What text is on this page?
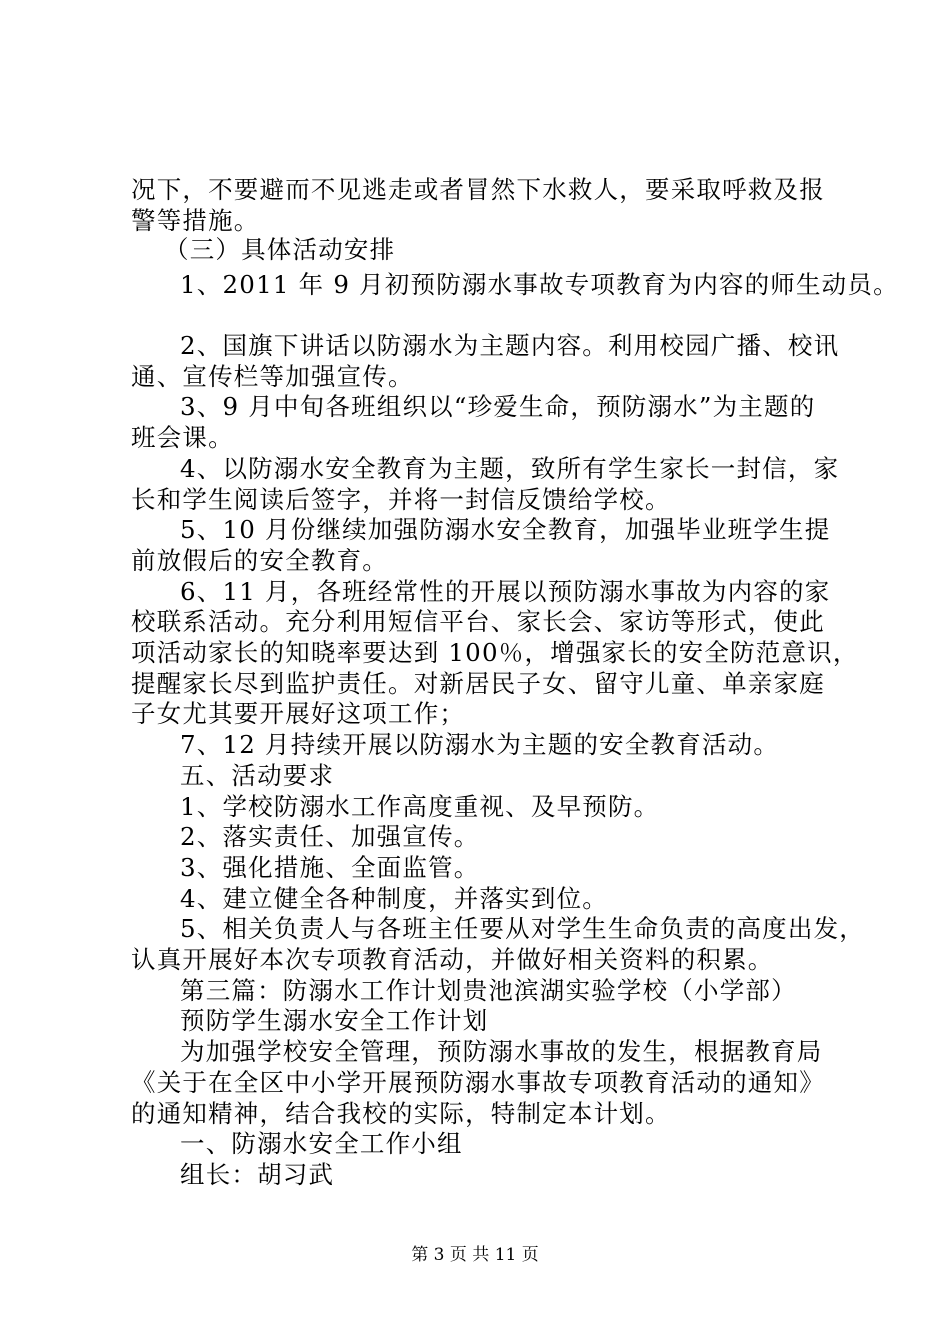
况下，不要避而不见逃走或者冒然下水救人，要采取呼救及报
警等措施。
（三）具体活动安排
1、2011 年 9 月初预防溺水事故专项教育为内容的师生动员。
2、国旗下讲话以防溺水为主题内容。利用校园广播、校讯
通、宣传栏等加强宣传。
3、9 月中旬各班组织以“珍爱生命，预防溺水”为主题的
班会课。
4、以防溺水安全教育为主题，致所有学生家长一封信，家
长和学生阅读后签字，并将一封信反馈给学校。
5、10 月份继续加强防溺水安全教育，加强毕业班学生提
前放假后的安全教育。
6、11 月，各班经常性的开展以预防溺水事故为内容的家
校联系活动。充分利用短信平台、家长会、家访等形式，使此
项活动家长的知晓率要达到 100％，增强家长的安全防范意识，
提醒家长尽到监护责任。对新居民子女、留守儿童、单亲家庭
子女尤其要开展好这项工作；
7、12 月持续开展以防溺水为主题的安全教育活动。
五、活动要求
1、学校防溺水工作高度重视、及早预防。
2、落实责任、加强宣传。
3、强化措施、全面监管。
4、建立健全各种制度，并落实到位。
5、相关负责人与各班主任要从对学生生命负责的高度出发，
认真开展好本次专项教育活动，并做好相关资料的积累。
第三篇：防溺水工作计划贵池滨湖实验学校（小学部）
预防学生溺水安全工作计划
为加强学校安全管理，预防溺水事故的发生，根据教育局
《关于在全区中小学开展预防溺水事故专项教育活动的通知》
的通知精神，结合我校的实际，特制定本计划。
一、防溺水安全工作小组
组长：胡习武
第 3 页 共 11 页
